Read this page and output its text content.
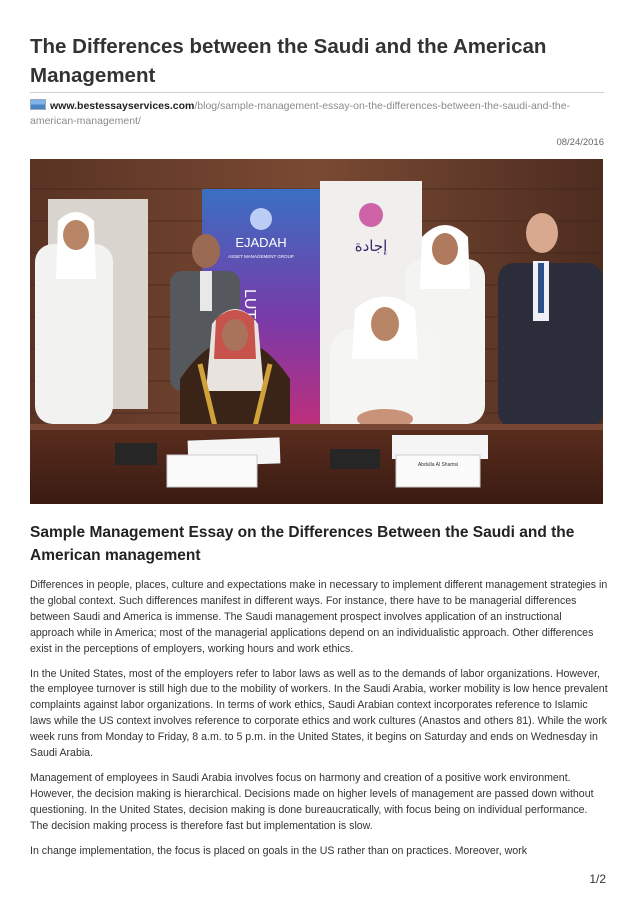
The Differences between the Saudi and the American Management
www.bestessayservices.com/blog/sample-management-essay-on-the-differences-between-the-saudi-and-the-american-management/
08/24/2016
EJADAH
ASSET MANAGEMENT GROUP
إجادة
Abdulla Al Shamsi
Sample Management Essay on the Differences Between the Saudi and the American management

Differences in people, places, culture and expectations make in necessary to implement different management strategies in the global context. Such differences manifest in different ways. For instance, there have to be managerial differences between Saudi and America is immense. The Saudi management prospect involves application of an instructional approach while in America; most of the managerial applications depend on an individualistic approach. Other differences exist in the perceptions of employers, working hours and work ethics.

In the United States, most of the employers refer to labor laws as well as to the demands of labor organizations. However, the employee turnover is still high due to the mobility of workers. In the Saudi Arabia, worker mobility is low hence prevalent complaints against labor organizations. In terms of work ethics, Saudi Arabian context incorporates reference to Islamic laws while the US context involves reference to corporate ethics and work cultures (Anastos and others 81). While the work week runs from Monday to Friday, 8 a.m. to 5 p.m. in the United States, it begins on Saturday and ends on Wednesday in Saudi Arabia.

Management of employees in Saudi Arabia involves focus on harmony and creation of a positive work environment. However, the decision making is hierarchical. Decisions made on higher levels of management are passed down without questioning. In the United States, decision making is done bureaucratically, with focus being on individual performance. The decision making process is therefore fast but implementation is slow.

In change implementation, the focus is placed on goals in the US rather than on practices. Moreover, work

1/2
